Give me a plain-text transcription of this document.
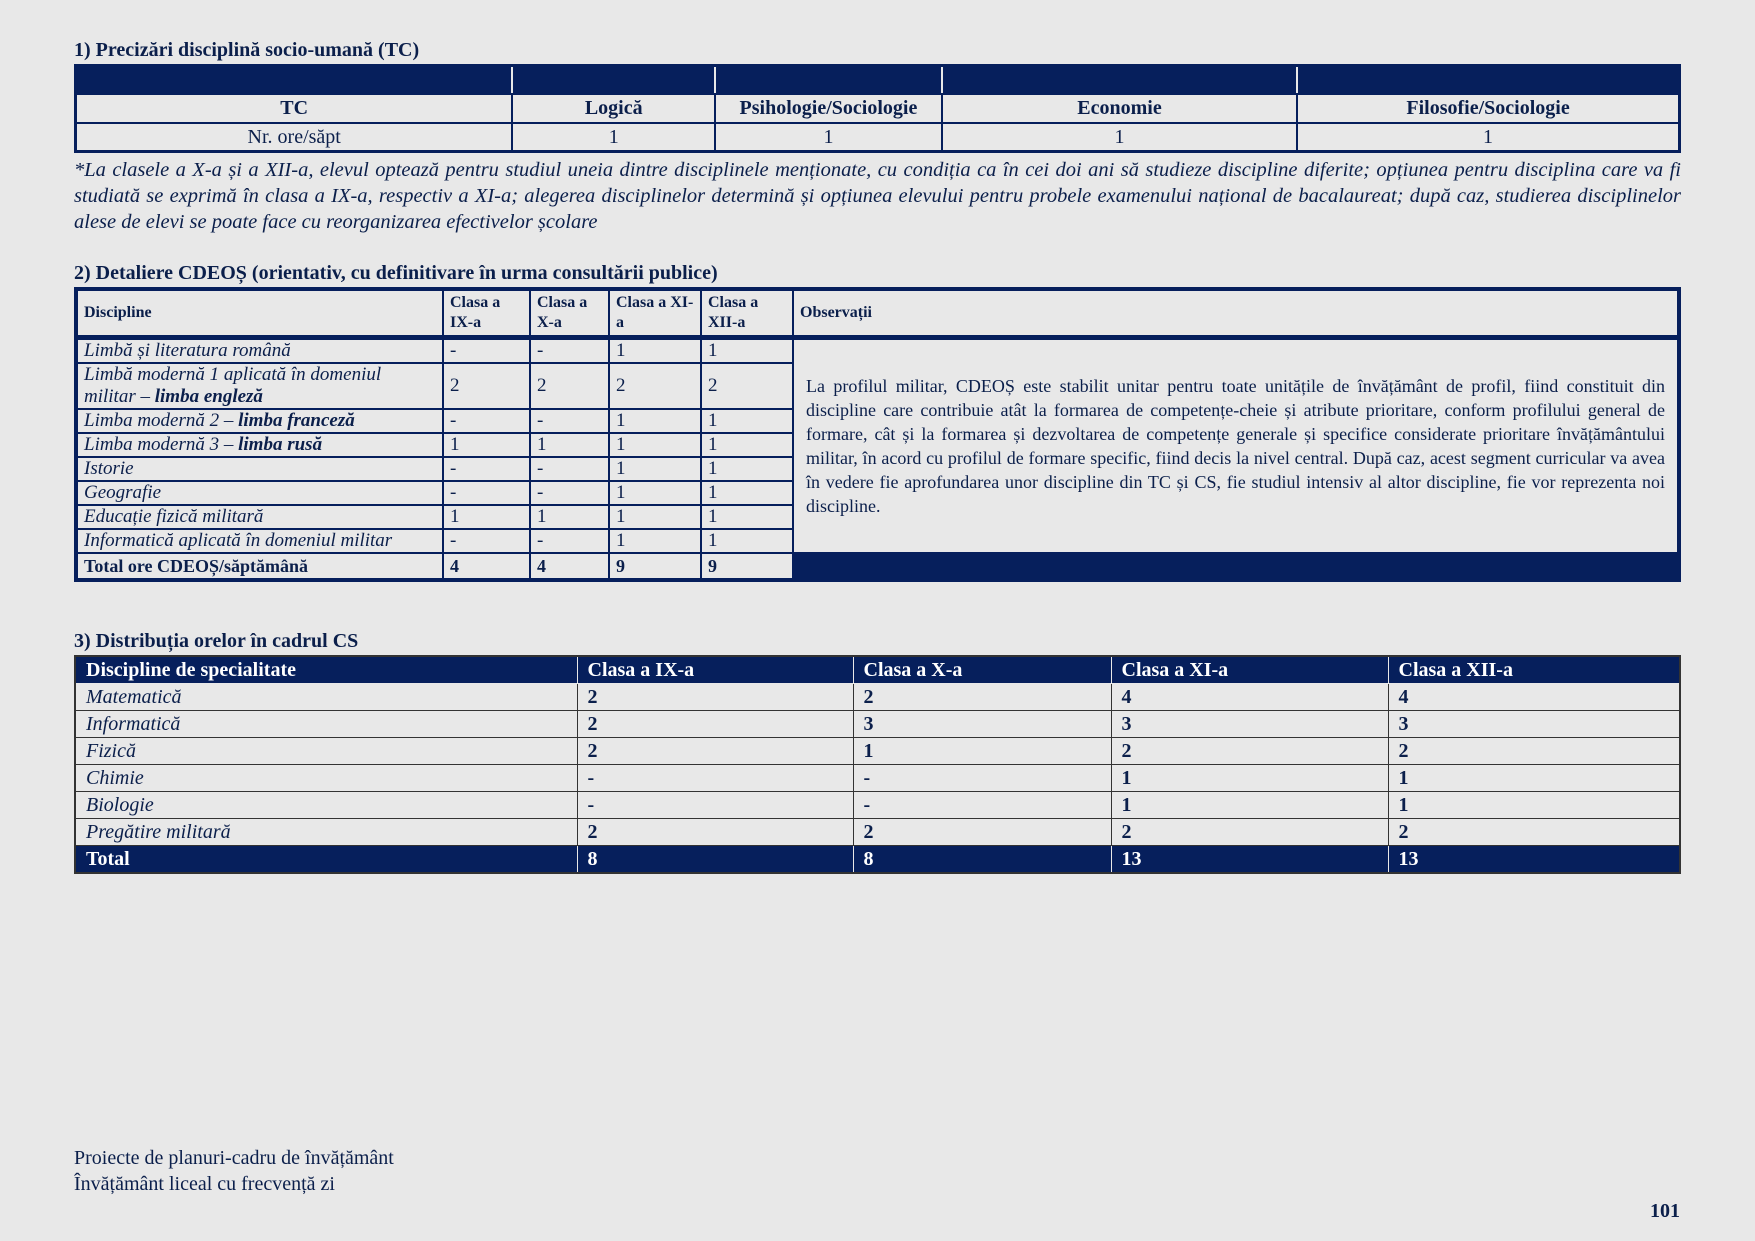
1) Precizări disciplină socio-umană (TC)

TC	Logică	Psihologie/Sociologie	Economie	Filosofie/Sociologie
Nr. ore/săpt	1	1	1	1
*La clasele a X-a și a XII-a, elevul optează pentru studiul uneia dintre disciplinele menționate, cu condiția ca în cei doi ani să studieze discipline diferite; opțiunea pentru disciplina care va fi studiată se exprimă în clasa a IX-a, respectiv a XI-a; alegerea disciplinelor determină și opțiunea elevului pentru probele examenului național de bacalaureat; după caz, studierea disciplinelor alese de elevi se poate face cu reorganizarea efectivelor școlare
2) Detaliere CDEOȘ (orientativ, cu definitivare în urma consultării publice)
Discipline	Clasa a IX-a	Clasa a X-a	Clasa a XI-a	Clasa a XII-a	Observații
Limbă și literatura română	-	-	1	1	La profilul militar, CDEOȘ este stabilit unitar pentru toate unitățile de învățământ de profil, fiind constituit din discipline care contribuie atât la formarea de competențe-cheie și atribute prioritare, conform profilului general de formare, cât și la formarea și dezvoltarea de competențe generale și specifice considerate prioritare învățământului militar, în acord cu profilul de formare specific, fiind decis la nivel central. După caz, acest segment curricular va avea în vedere fie aprofundarea unor discipline din TC și CS, fie studiul intensiv al altor discipline, fie vor reprezenta noi discipline.
Limbă modernă 1 aplicată în domeniul militar – limba engleză	2	2	2	2	
Limba modernă 2 – limba franceză	-	-	1	1	
Limba modernă 3 – limba rusă	1	1	1	1	
Istorie	-	-	1	1	
Geografie	-	-	1	1	
Educație fizică militară	1	1	1	1	
Informatică aplicată în domeniul militar	-	-	1	1	
Total ore CDEOȘ/săptămână	4	4	9	9	
3) Distribuția orelor în cadrul CS
Discipline de specialitate	Clasa a IX-a	Clasa a X-a	Clasa a XI-a	Clasa a XII-a
Matematică	2	2	4	4
Informatică	2	3	3	3
Fizică	2	1	2	2
Chimie	-	-	1	1
Biologie	-	-	1	1
Pregătire militară	2	2	2	2
Total	8	8	13	13
Proiecte de planuri-cadru de învățământ
Învățământ liceal cu frecvență zi
101
